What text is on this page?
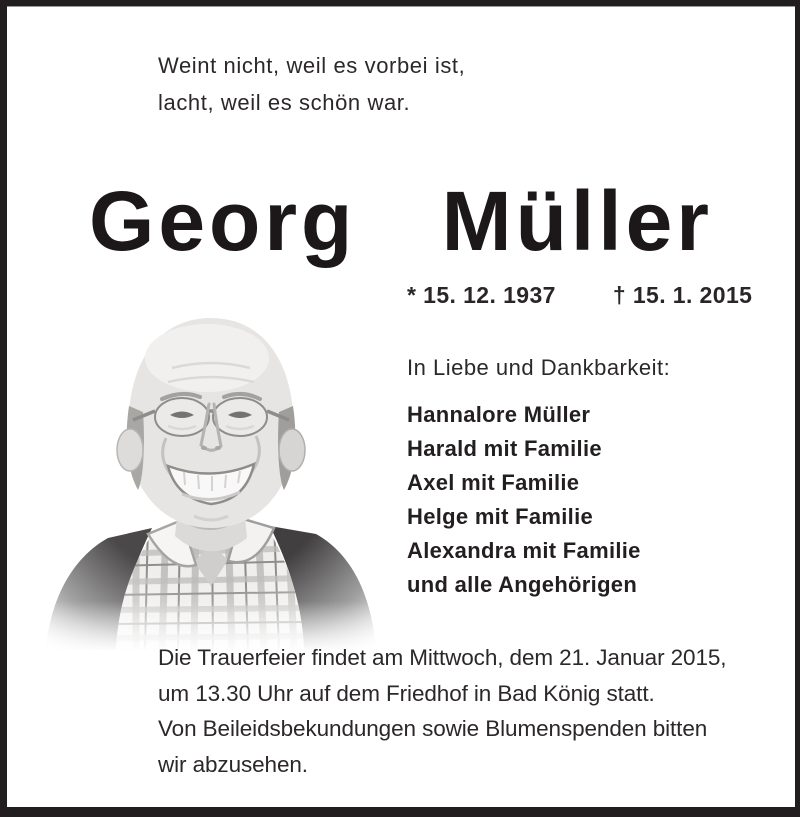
Weint nicht, weil es vorbei ist,
lacht, weil es schön war.
Georg Müller
* 15. 12. 1937 † 15. 1. 2015
In Liebe und Dankbarkeit:
Hannalore Müller
Harald mit Familie
Axel mit Familie
Helge mit Familie
Alexandra mit Familie
und alle Angehörigen
Die Trauerfeier findet am Mittwoch, dem 21. Januar 2015,
um 13.30 Uhr auf dem Friedhof in Bad König statt.
Von Beileidsbekundungen sowie Blumenspenden bitten
wir abzusehen.
